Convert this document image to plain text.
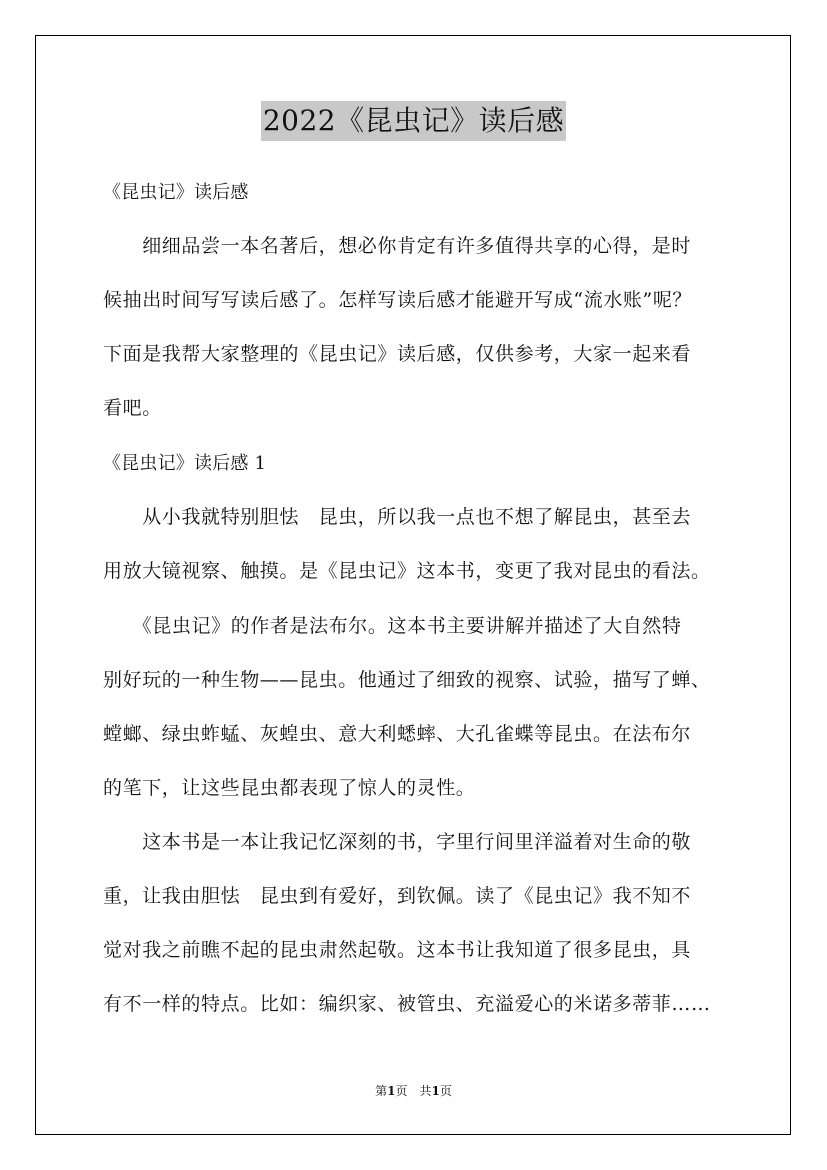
2022《昆虫记》读后感
《昆虫记》读后感
　　细细品尝一本名著后，想必你肯定有许多值得共享的心得，是时
候抽出时间写写读后感了。怎样写读后感才能避开写成“流水账”呢？
下面是我帮大家整理的《昆虫记》读后感，仅供参考，大家一起来看
看吧。
《昆虫记》读后感 1
　　从小我就特别胆怯　昆虫，所以我一点也不想了解昆虫，甚至去
用放大镜视察、触摸。是《昆虫记》这本书，变更了我对昆虫的看法。
　　《昆虫记》的作者是法布尔。这本书主要讲解并描述了大自然特
别好玩的一种生物——昆虫。他通过了细致的视察、试验，描写了蝉、
螳螂、绿虫蚱蜢、灰蝗虫、意大利蟋蟀、大孔雀蝶等昆虫。在法布尔
的笔下，让这些昆虫都表现了惊人的灵性。
　　这本书是一本让我记忆深刻的书，字里行间里洋溢着对生命的敬
重，让我由胆怯　昆虫到有爱好，到钦佩。读了《昆虫记》我不知不
觉对我之前瞧不起的昆虫肃然起敬。这本书让我知道了很多昆虫，具
有不一样的特点。比如：编织家、被管虫、充溢爱心的米诺多蒂菲……
第1页　共1页
